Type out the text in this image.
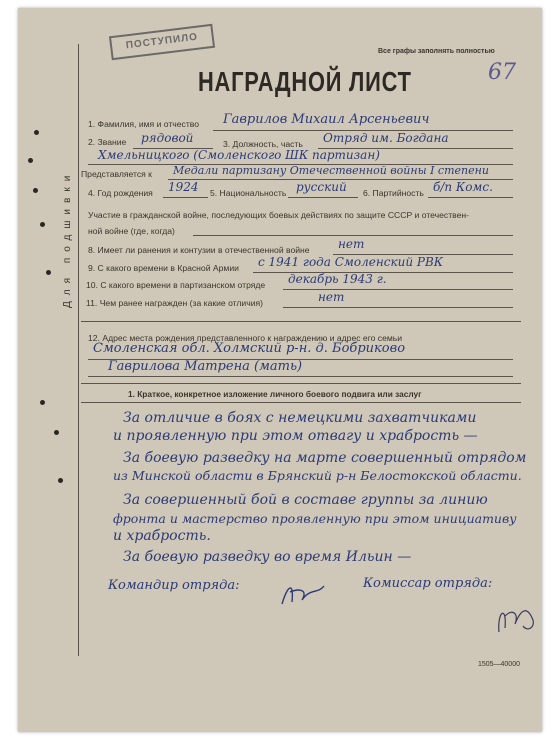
ПОСТУПИЛО
Все графы заполнять полностью
67
НАГРАДНОЙ ЛИСТ
Для подшивки
1. Фамилия, имя и отчество Гаврилов Михаил Арсеньевич
2. Звание рядовой	3. Должность, часть Отряд им. Богдана
Хмельницкого (Смоленского ШК партизан)
Представляется к Медали партизану Отечественной войны I степени
4. Год рождения 1924 5. Национальность русский 6. Партийность б/п Комс.
Участие в гражданской войне, последующих боевых действиях по защите СССР и отечествен-
ной войне (где, когда)
8. Имеет ли ранения и контузии в отечественной войне нет
9. С какого времени в Красной Армии с 1941 года Смоленский РВК
10. С какого времени в партизанском отряде декабрь 1943 г.
11. Чем ранее награжден (за какие отличия)	нет
12. Адрес места рождения представленного к награждению и адрес его семьи
Смоленская обл. Холмский р-н. д. Бобриково
Гаврилова Матрена (мать)
1. Краткое, конкретное изложение личного боевого подвига или заслуг
За отличие в боях с немецкими захватчиками
и проявленную при этом отвагу и храбрость —
За боевую разведку на марте совершенный отрядом
из Минской области в Брянский р-н Белостокской области.
За совершенный бой в составе группы за линию
фронта и мастерство проявленную при этом инициативу
и храбрость.
За боевую разведку во время Ильин —
Командир отряда:	Комиссар отряда:
1505—40000
